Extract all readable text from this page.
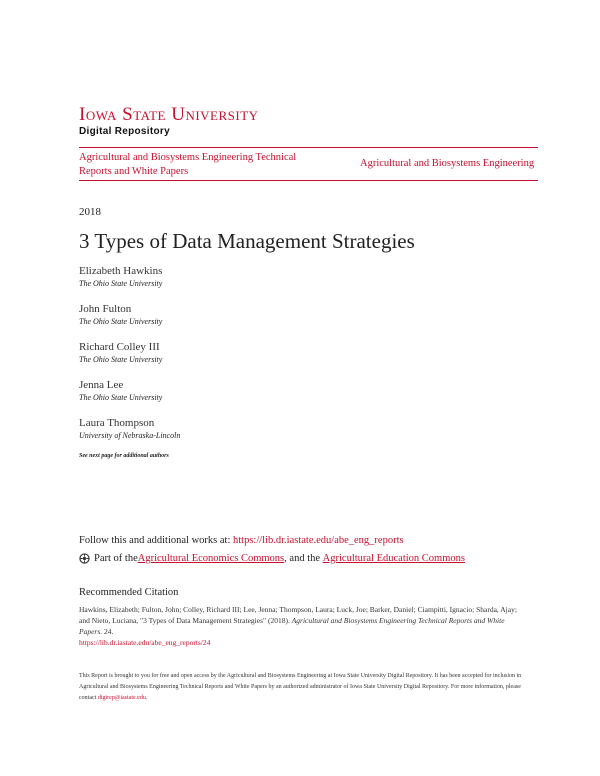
Iowa State University
Digital Repository
Agricultural and Biosystems Engineering Technical Reports and White Papers
Agricultural and Biosystems Engineering
2018
3 Types of Data Management Strategies
Elizabeth Hawkins
The Ohio State University
John Fulton
The Ohio State University
Richard Colley III
The Ohio State University
Jenna Lee
The Ohio State University
Laura Thompson
University of Nebraska-Lincoln
See next page for additional authors
Follow this and additional works at: https://lib.dr.iastate.edu/abe_eng_reports
Part of the Agricultural Economics Commons , and the Agricultural Education Commons
Recommended Citation
Hawkins, Elizabeth; Fulton, John; Colley, Richard III; Lee, Jenna; Thompson, Laura; Luck, Joe; Barker, Daniel; Ciampitti, Ignacio; Sharda, Ajay; and Nieto, Luciana, "3 Types of Data Management Strategies" (2018). Agricultural and Biosystems Engineering Technical Reports and White Papers. 24.
https://lib.dr.iastate.edu/abe_eng_reports/24
This Report is brought to you for free and open access by the Agricultural and Biosystems Engineering at Iowa State University Digital Repository. It has been accepted for inclusion in Agricultural and Biosystems Engineering Technical Reports and White Papers by an authorized administrator of Iowa State University Digital Repository. For more information, please contact digirep@iastate.edu.
